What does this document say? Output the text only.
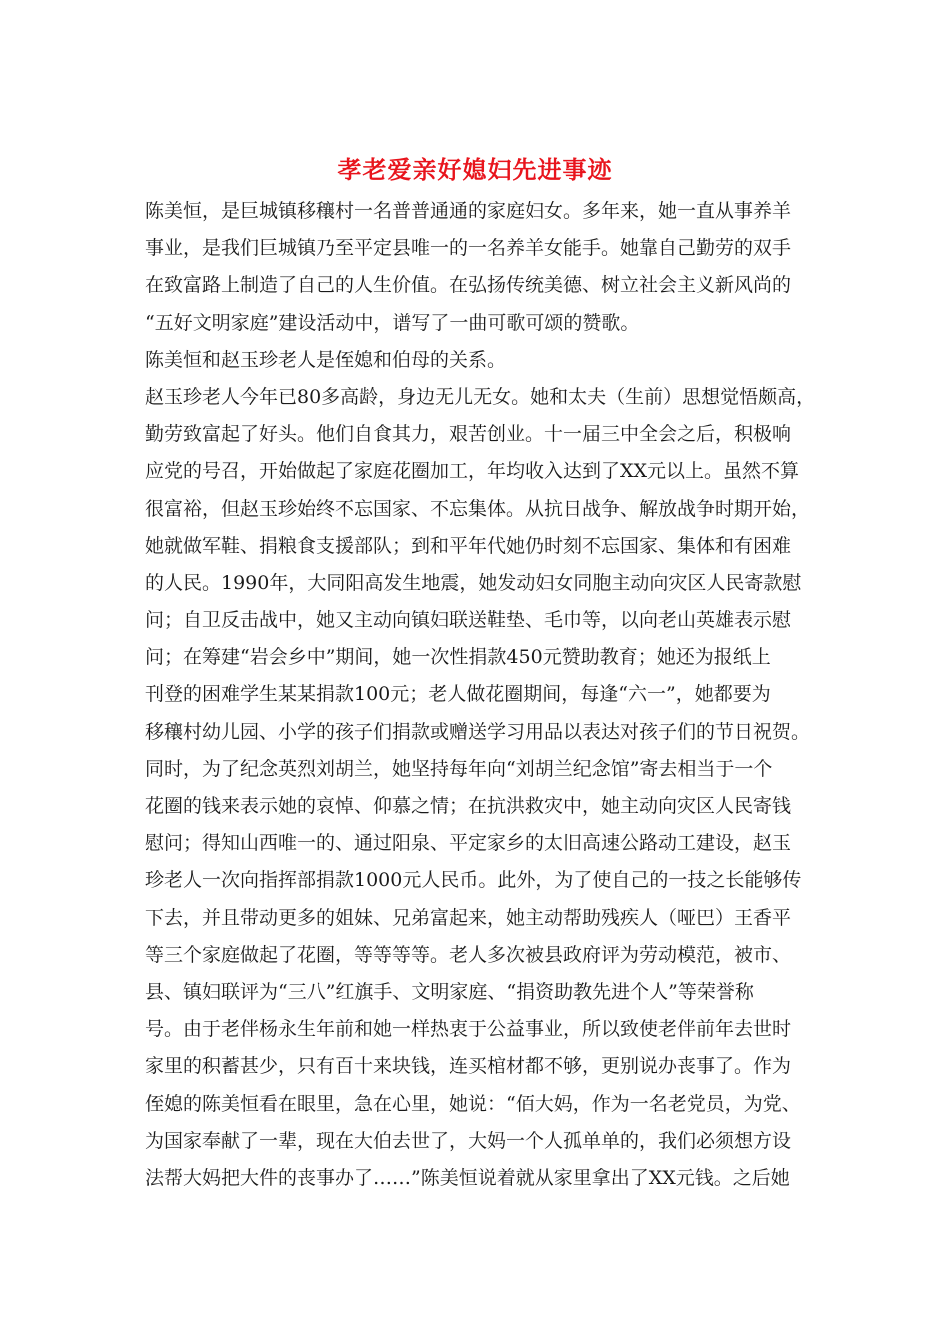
孝老爱亲好媳妇先进事迹
陈美恒，是巨城镇移穰村一名普普通通的家庭妇女。多年来，她一直从事养羊
事业，是我们巨城镇乃至平定县唯一的一名养羊女能手。她靠自己勤劳的双手
在致富路上制造了自己的人生价值。在弘扬传统美德、树立社会主义新风尚的
“五好文明家庭”建设活动中，谱写了一曲可歌可颂的赞歌。
陈美恒和赵玉珍老人是侄媳和伯母的关系。
赵玉珍老人今年已80多高龄，身边无儿无女。她和太夫（生前）思想觉悟颇高，
勤劳致富起了好头。他们自食其力，艰苦创业。十一届三中全会之后，积极响
应党的号召，开始做起了家庭花圈加工，年均收入达到了XX元以上。虽然不算
很富裕，但赵玉珍始终不忘国家、不忘集体。从抗日战争、解放战争时期开始，
她就做军鞋、捐粮食支援部队；到和平年代她仍时刻不忘国家、集体和有困难
的人民。1990年，大同阳高发生地震，她发动妇女同胞主动向灾区人民寄款慰
问；自卫反击战中，她又主动向镇妇联送鞋垫、毛巾等，以向老山英雄表示慰
问；在筹建“岩会乡中”期间，她一次性捐款450元赞助教育；她还为报纸上
刊登的困难学生某某捐款100元；老人做花圈期间，每逢“六一”，她都要为
移穰村幼儿园、小学的孩子们捐款或赠送学习用品以表达对孩子们的节日祝贺。
同时，为了纪念英烈刘胡兰，她坚持每年向“刘胡兰纪念馆”寄去相当于一个
花圈的钱来表示她的哀悼、仰慕之情；在抗洪救灾中，她主动向灾区人民寄钱
慰问；得知山西唯一的、通过阳泉、平定家乡的太旧高速公路动工建设，赵玉
珍老人一次向指挥部捐款1000元人民币。此外，为了使自己的一技之长能够传
下去，并且带动更多的姐妹、兄弟富起来，她主动帮助残疾人（哑巴）王香平
等三个家庭做起了花圈，等等等等。老人多次被县政府评为劳动模范，被市、
县、镇妇联评为“三八”红旗手、文明家庭、“捐资助教先进个人”等荣誉称
号。由于老伴杨永生年前和她一样热衷于公益事业，所以致使老伴前年去世时
家里的积蓄甚少，只有百十来块钱，连买棺材都不够，更别说办丧事了。作为
侄媳的陈美恒看在眼里，急在心里，她说：“佰大妈，作为一名老党员，为党、
为国家奉献了一辈，现在大伯去世了，大妈一个人孤单单的，我们必须想方设
法帮大妈把大件的丧事办了……”陈美恒说着就从家里拿出了XX元钱。之后她
